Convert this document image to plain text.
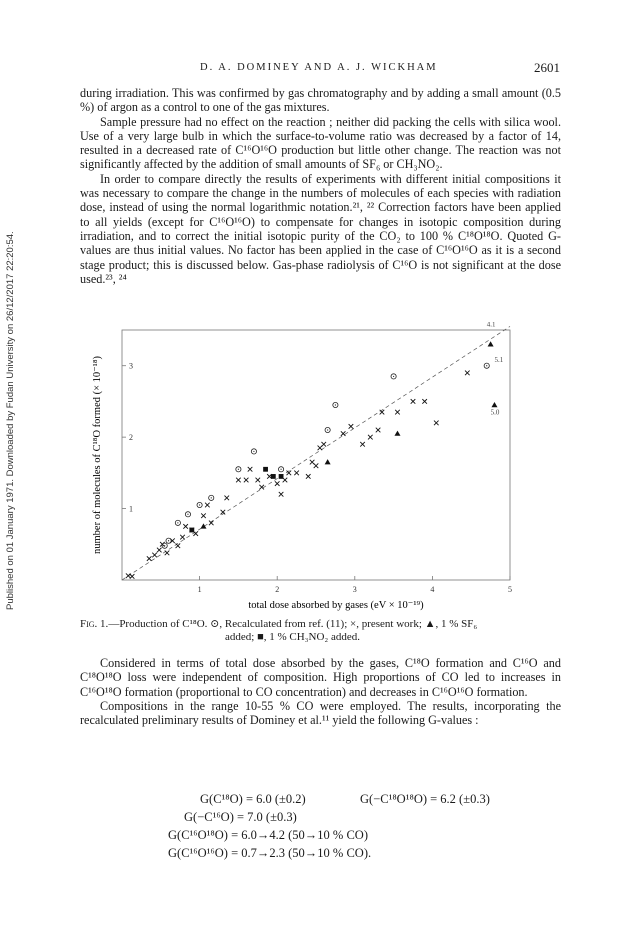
D. A. DOMINEY AND A. J. WICKHAM	2601
Published on 01 January 1971. Downloaded by Fudan University on 26/12/2017 22:20:54.

during irradiation. This was confirmed by gas chromatography and by adding a small amount (0.5 %) of argon as a control to one of the gas mixtures.

Sample pressure had no effect on the reaction ; neither did packing the cells with silica wool. Use of a very large bulb in which the surface-to-volume ratio was decreased by a factor of 14, resulted in a decreased rate of C¹⁶O¹⁶O production but little other change. The reaction was not significantly affected by the addition of small amounts of SF₆ or CH₃NO₂.

In order to compare directly the results of experiments with different initial compositions it was necessary to compare the change in the numbers of molecules of each species with radiation dose, instead of using the normal logarithmic notation.²¹, ²² Correction factors have been applied to all yields (except for C¹⁶O¹⁶O) to compensate for changes in isotopic composition during irradiation, and to correct the initial isotopic purity of the CO₂ to 100 % C¹⁸O¹⁸O. Quoted G-values are thus initial values. No factor has been applied in the case of C¹⁶O¹⁶O as it is a second stage product; this is discussed below. Gas-phase radiolysis of C¹⁶O is not significant at the dose used.²³, ²⁴

1	2	3	4	5
1
2
3
4.1
5.1
5.0
number of molecules of C¹⁸O formed (× 10⁻¹⁸)
total dose absorbed by gases (eV × 10⁻¹⁹)
Fig. 1.—Production of C¹⁸O. ⊙, Recalculated from ref. (11); ×, present work; ▲, 1 % SF₆
added; ■, 1 % CH₃NO₂ added.

Considered in terms of total dose absorbed by the gases, C¹⁸O formation and C¹⁶O and C¹⁸O¹⁸O loss were independent of composition. High proportions of CO led to increases in C¹⁶O¹⁸O formation (proportional to CO concentration) and decreases in C¹⁶O¹⁶O formation.

Compositions in the range 10-55 % CO were employed. The results, incorporating the recalculated preliminary results of Dominey et al.¹¹ yield the following G-values :

G(C¹⁸O) = 6.0 (±0.2)	G(−C¹⁸O¹⁸O) = 6.2 (±0.3)
G(−C¹⁶O) = 7.0 (±0.3)
G(C¹⁶O¹⁸O) = 6.0→4.2 (50→10 % CO)
G(C¹⁶O¹⁶O) = 0.7→2.3 (50→10 % CO).
